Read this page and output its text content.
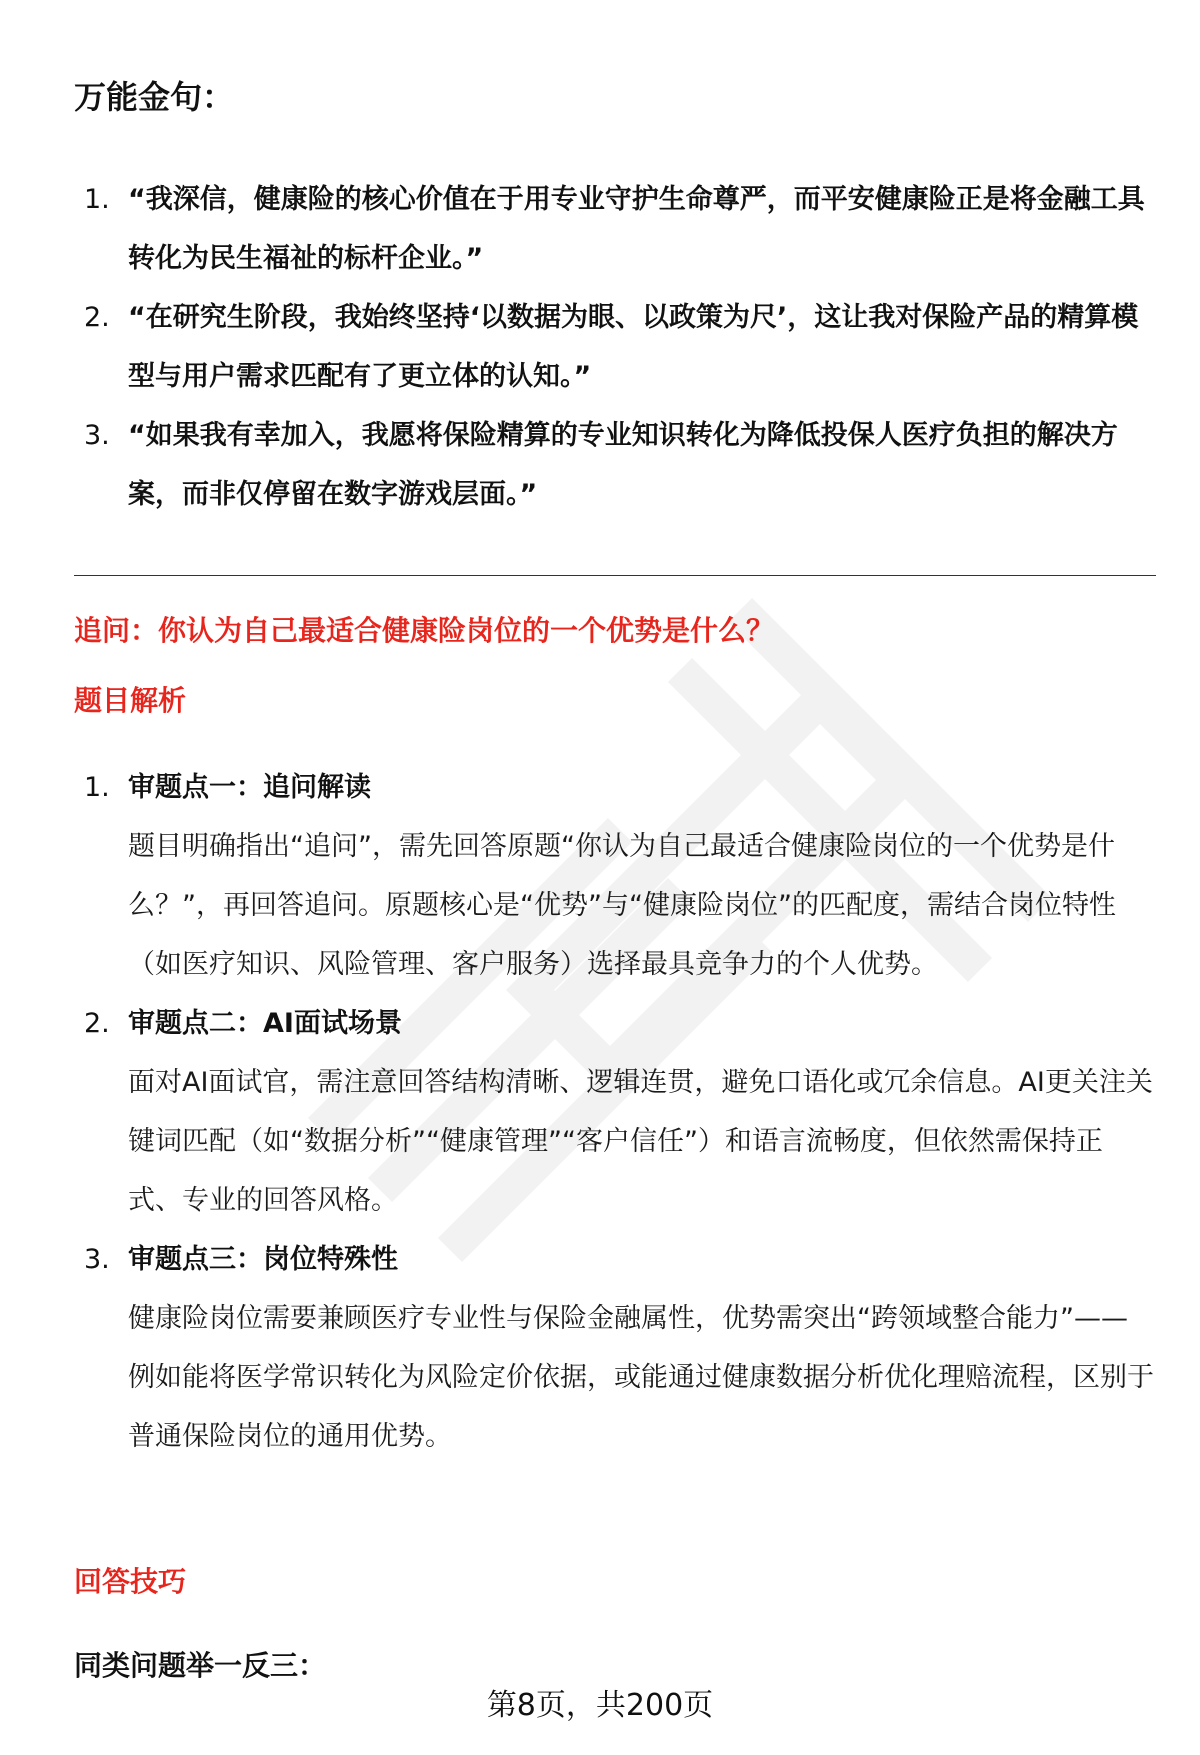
万能金句：
1. “我深信，健康险的核心价值在于用专业守护生命尊严，而平安健康险正是将金融工具转化为民生福祉的标杆企业。”
2. “在研究生阶段，我始终坚持‘以数据为眼、以政策为尺’，这让我对保险产品的精算模型与用户需求匹配有了更立体的认知。”
3. “如果我有幸加入，我愿将保险精算的专业知识转化为降低投保人医疗负担的解决方案，而非仅停留在数字游戏层面。”
追问：你认为自己最适合健康险岗位的一个优势是什么？
题目解析
1. 审题点一：追问解读
题目明确指出“追问”，需先回答原题“你认为自己最适合健康险岗位的一个优势是什么？”，再回答追问。原题核心是“优势”与“健康险岗位”的匹配度，需结合岗位特性（如医疗知识、风险管理、客户服务）选择最具竞争力的个人优势。
2. 审题点二：AI面试场景
面对AI面试官，需注意回答结构清晰、逻辑连贯，避免口语化或冗余信息。AI更关注关键词匹配（如“数据分析”“健康管理”“客户信任”）和语言流畅度，但依然需保持正式、专业的回答风格。
3. 审题点三：岗位特殊性
健康险岗位需要兼顾医疗专业性与保险金融属性，优势需突出“跨领域整合能力”——例如能将医学常识转化为风险定价依据，或能通过健康数据分析优化理赔流程，区别于普通保险岗位的通用优势。
回答技巧
同类问题举一反三：
第8页，共200页
